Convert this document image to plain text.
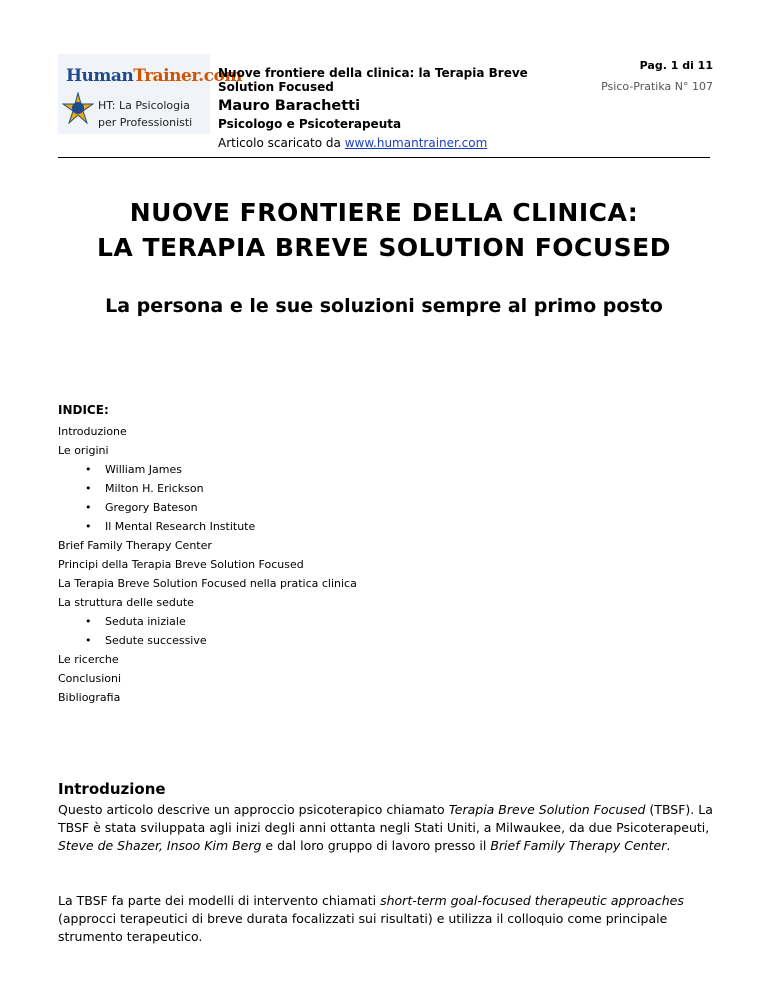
HumanTrainer.com
HT: La Psicologia
per Professionisti
Nuove frontiere della clinica: la Terapia Breve Solution Focused
Mauro Barachetti
Psicologo e Psicoterapeuta
Articolo scaricato da www.humantrainer.com
Pag. 1 di 11
Psico-Pratika N° 107
NUOVE FRONTIERE DELLA CLINICA:
LA TERAPIA BREVE SOLUTION FOCUSED
La persona e le sue soluzioni sempre al primo posto
INDICE:
Introduzione
Le origini
• William James
• Milton H. Erickson
• Gregory Bateson
• Il Mental Research Institute
Brief Family Therapy Center
Principi della Terapia Breve Solution Focused
La Terapia Breve Solution Focused nella pratica clinica
La struttura delle sedute
• Seduta iniziale
• Sedute successive
Le ricerche
Conclusioni
Bibliografia
Introduzione
Questo articolo descrive un approccio psicoterapico chiamato Terapia Breve Solution Focused (TBSF). La TBSF è stata sviluppata agli inizi degli anni ottanta negli Stati Uniti, a Milwaukee, da due Psicoterapeuti, Steve de Shazer, Insoo Kim Berg e dal loro gruppo di lavoro presso il Brief Family Therapy Center.
La TBSF fa parte dei modelli di intervento chiamati short-term goal-focused therapeutic approaches (approcci terapeutici di breve durata focalizzati sui risultati) e utilizza il colloquio come principale strumento terapeutico.
